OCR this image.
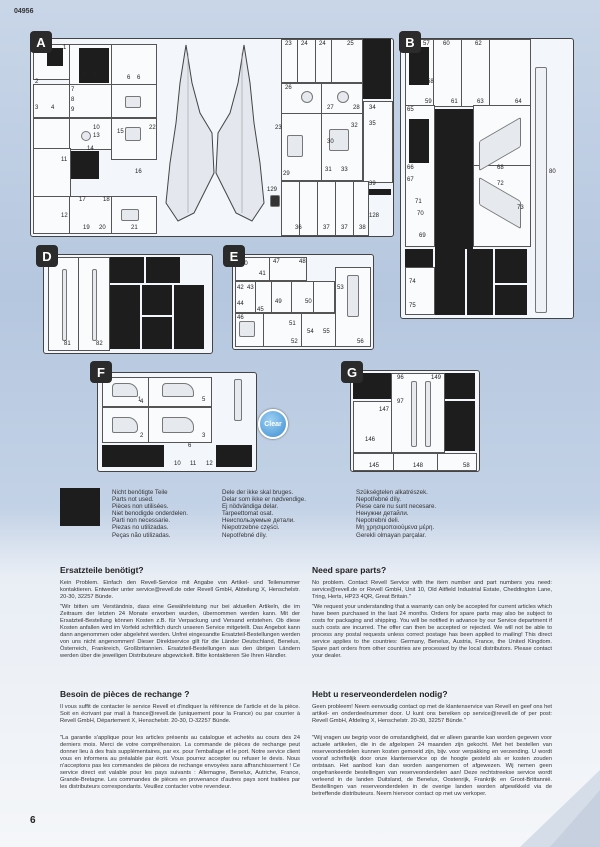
04956
A	1
5 5	6 6
2
3 4
7
8
9
10
11
12
13
14
15
16
17	18
19 20	21
22	23
23 24 24	25
26
27	28
29
30
31
32
33
34
35
36	37 37 38
39
128
129
B	57
58
59
60
61
62
63	64
65
66
67
68
69
70
71
72
73
74
75
80
D
81	82
E
40
41
42 43
44
45
46
47	48
49	50
51
52
53
54 55
56
F
1
2	3
4	5
6
10 11 12
Clear
G	96
97
145
146
147
148
149
58
Nicht benötigte Teile
Parts not used.
Pièces non utilisées.
Niet benodigde onderdelen.
Parti non necessarie.
Piezas no utilizadas.
Peças não utilizadas.
Dele der ikke skal bruges.
Delar som ikke er nødvendige.
Ej nödvändiga delar.
Tarpeettomat osat.
Неиспользуемые детали.
Niepotrzebne części.
Nepotřebné díly.
Szükségtelen alkatrészek.
Nepotřebné díly.
Piese care nu sunt necesare.
Ненужни детайли.
Nepotrebni deli.
Μη χρησιμοποιούμενα μέρη.
Gerekli olmayan parçalar.
Ersatzteile benötigt?
Kein Problem. Einfach den Revell-Service mit Angabe von Artikel- und Teilenummer kontaktieren. Entweder unter service@revell.de oder Revell GmbH, Abteilung X, Henschelstr. 20-30, 32257 Bünde.
"Wir bitten um Verständnis, dass eine Gewährleistung nur bei aktuellen Artikeln, die im Zeitraum der letzten 24 Monate erworben wurden, übernommen werden kann. Mit der Ersatzteil-Bestellung können Kosten z.B. für Verpackung und Versand entstehen. Ob diese Kosten anfallen wird im Vorfeld schriftlich durch unseren Service mitgeteilt. Das Angebot kann dann angenommen oder abgelehnt werden. Unfrei eingesandte Ersatzteil-Bestellungen werden von uns nicht angenommen! Dieser Direktservice gilt für die Länder Deutschland, Benelux, Österreich, Frankreich, Großbritannien. Ersatzteil-Bestellungen aus den übrigen Ländern werden über die jeweiligen Distributeure abgewickelt. Bitte kontaktieren Sie Ihren Händler.
Besoin de pièces de rechange ?
Il vous suffit de contacter le service Revell et d'indiquer la référence de l'article et de la pièce. Soit en écrivant par mail à france@revell.de (uniquement pour la France) ou par courrier à Revell GmbH, Département X, Henschelstr. 20-30, D-32257 Bünde.
"La garantie s'applique pour les articles présents au catalogue et achetés au cours des 24 derniers mois. Merci de votre compréhension. La commande de pièces de rechange peut donner lieu à des frais supplémentaires, par ex. pour l'emballage et le port. Notre service client vous en informera au préalable par écrit. Vous pourrez accepter ou refuser le devis. Nous n'acceptons pas les commandes de pièces de rechange envoyées sans affranchissement ! Ce service direct est valable pour les pays suivants : Allemagne, Benelux, Autriche, France, Grande-Bretagne. Les commandes de pièces en provenance d'autres pays sont traitées par les distributeurs correspondants. Veuillez contacter votre revendeur.
Need spare parts?
No problem. Contact Revell Service with the item number and part numbers you need: service@revell.de or Revell GmbH, Unit 10, Old Aitfield Industrial Estate, Cheddington Lane, Tring, Herts, HP23 4QR, Great Britain."
"We request your understanding that a warranty can only be accepted for current articles which have been purchased in the last 24 months. Orders for spare parts may also be subject to costs for packaging and shipping. You will be notified in advance by our Service department if such costs are incurred. The offer can then be accepted or rejected. We will not be able to process any postal requests unless correct postage has been applied to mailing! This direct service applies to the countries: Germany, Benelux, Austria, France, the United Kingdom. Spare part orders from other countries are processed by the local distributors. Please contact your dealer.
Hebt u reserveonderdelen nodig?
Geen probleem! Neem eenvoudig contact op met de klantenservice van Revell en geef ons het artikel- en onderdeelnummer door. U kunt ons bereiken op service@revell.de of per post: Revell GmbH, Afdeling X, Henschelstr. 20-30, 32257 Bünde."
"Wij vragen uw begrip voor de omstandigheid, dat er alleen garantie kan worden gegeven voor actuele artikelen, die in de afgelopen 24 maanden zijn gekocht. Met het bestellen van reserveonderdelen kunnen kosten gemoeid zijn, bijv. voor verpakking en verzending. U wordt vooraf schriftelijk door onze klantenservice op de hoogte gesteld als er kosten zouden ontstaan. Het aanbod kan dan worden aangenomen of afgewezen. Wij nemen geen ongefrankeerde bestellingen van reserveonderdelen aan! Deze rechtstreekse service wordt verleend in de landen Duitsland, de Benelux, Oostenrijk, Frankrijk en Groot-Brittannië. Bestellingen van reserveonderdelen in de overige landen worden afgewikkeld via de betreffende distributeurs. Neem hiervoor contact op met uw verkoper.
6
